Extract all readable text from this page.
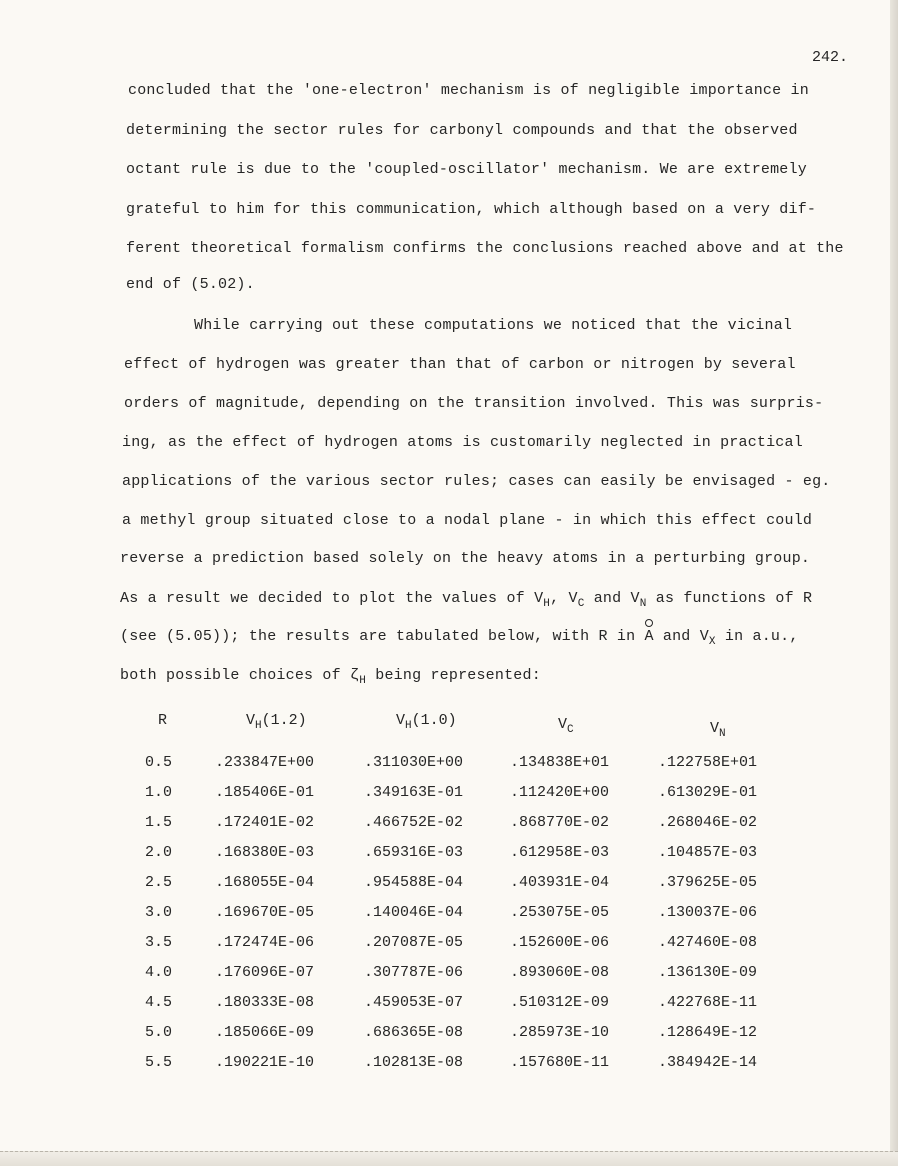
242.
concluded that the 'one-electron' mechanism is of negligible importance in
determining the sector rules for carbonyl compounds and that the observed
octant rule is due to the 'coupled-oscillator' mechanism. We are extremely
grateful to him for this communication, which although based on a very dif-
ferent theoretical formalism confirms the conclusions reached above and at the
end of (5.02).
While carrying out these computations we noticed that the vicinal
effect of hydrogen was greater than that of carbon or nitrogen by several
orders of magnitude, depending on the transition involved. This was surpris-
ing, as the effect of hydrogen atoms is customarily neglected in practical
applications of the various sector rules; cases can easily be envisaged - eg.
a methyl group situated close to a nodal plane - in which this effect could
reverse a prediction based solely on the heavy atoms in a perturbing group.
As a result we decided to plot the values of $V_H$, $V_C$ and $V_N$ as functions of R
(see (5.05)); the results are tabulated below, with R in A and $V_X$ in a.u.,
both possible choices of $\zeta_H$ being represented:
R	$V_H(1.2)$	$V_H(1.0)$	$V_C$	$V_N$
0.5	.233847E+00	.311030E+00	.134838E+01	.122758E+01
1.0	.185406E-01	.349163E-01	.112420E+00	.613029E-01
1.5	.172401E-02	.466752E-02	.868770E-02	.268046E-02
2.0	.168380E-03	.659316E-03	.612958E-03	.104857E-03
2.5	.168055E-04	.954588E-04	.403931E-04	.379625E-05
3.0	.169670E-05	.140046E-04	.253075E-05	.130037E-06
3.5	.172474E-06	.207087E-05	.152600E-06	.427460E-08
4.0	.176096E-07	.307787E-06	.893060E-08	.136130E-09
4.5	.180333E-08	.459053E-07	.510312E-09	.422768E-11
5.0	.185066E-09	.686365E-08	.285973E-10	.128649E-12
5.5	.190221E-10	.102813E-08	.157680E-11	.384942E-14
